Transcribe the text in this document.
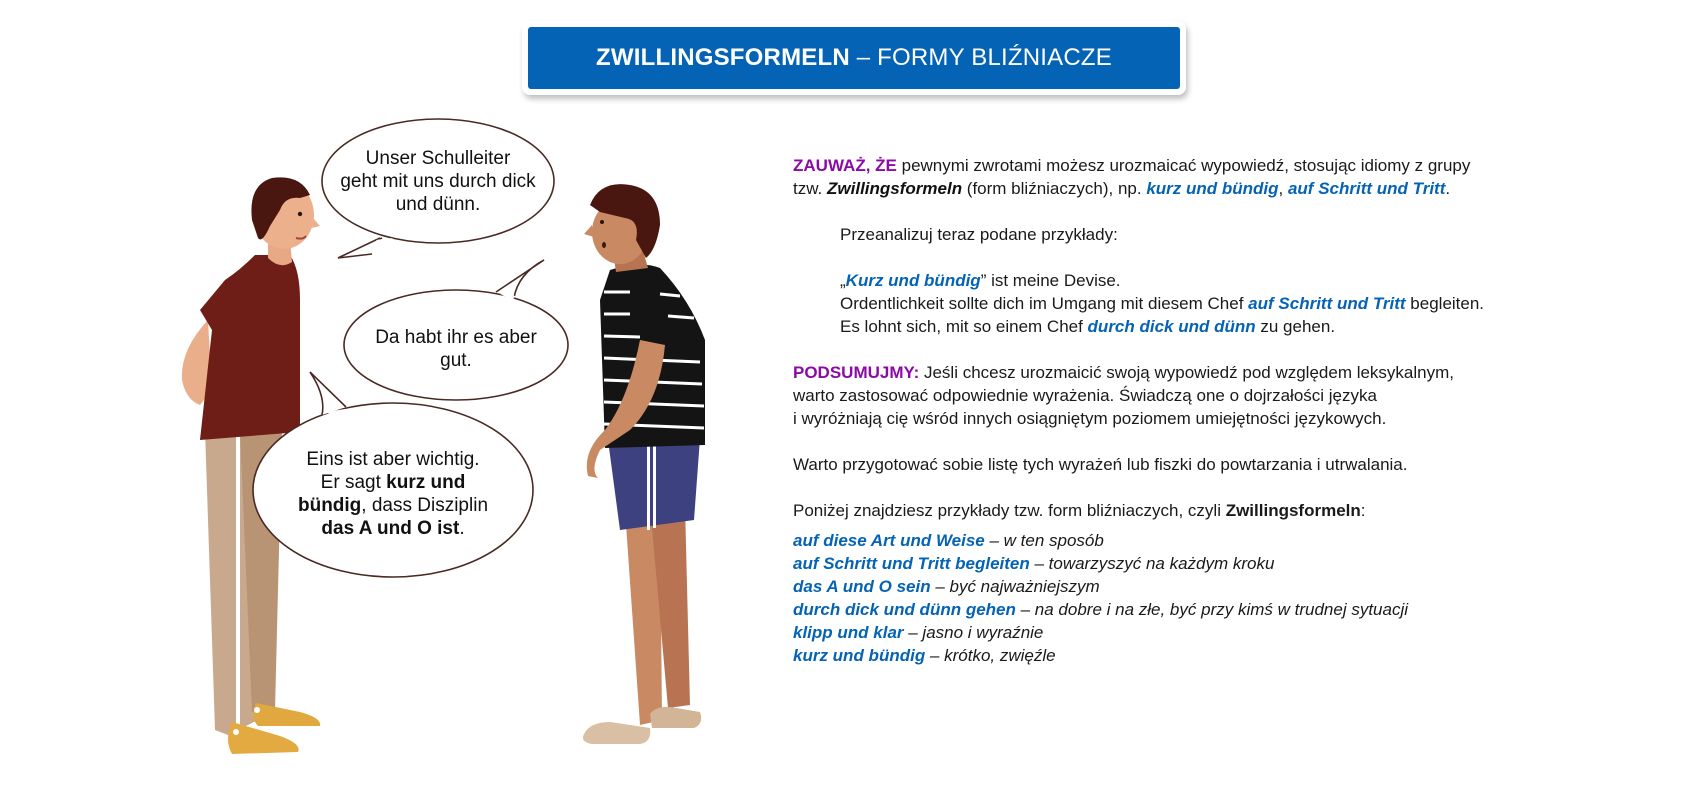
ZWILLINGSFORMELN – FORMY BLIŹNIACZE
Unser Schulleiter
geht mit uns durch dick
und dünn.
Da habt ihr es aber
gut.
Eins ist aber wichtig.
Er sagt kurz und
bündig, dass Disziplin
das A und O ist.

ZAUWAŻ, ŻE pewnymi zwrotami możesz urozmaicać wypowiedź, stosując idiomy z grupy
tzw. Zwillingsformeln (form bliźniaczych), np. kurz und bündig, auf Schritt und Tritt.

Przeanalizuj teraz podane przykłady:

„Kurz und bündig” ist meine Devise.

Ordentlichkeit sollte dich im Umgang mit diesem Chef auf Schritt und Tritt begleiten.

Es lohnt sich, mit so einem Chef durch dick und dünn zu gehen.

PODSUMUJMY: Jeśli chcesz urozmaicić swoją wypowiedź pod względem leksykalnym,
warto zastosować odpowiednie wyrażenia. Świadczą one o dojrzałości języka
i wyróżniają cię wśród innych osiągniętym poziomem umiejętności językowych.

Warto przygotować sobie listę tych wyrażeń lub fiszki do powtarzania i utrwalania.

Poniżej znajdziesz przykłady tzw. form bliźniaczych, czyli Zwillingsformeln:

auf diese Art und Weise – w ten sposób

auf Schritt und Tritt begleiten – towarzyszyć na każdym kroku

das A und O sein – być najważniejszym

durch dick und dünn gehen – na dobre i na złe, być przy kimś w trudnej sytuacji

klipp und klar – jasno i wyraźnie

kurz und bündig – krótko, zwięźle
